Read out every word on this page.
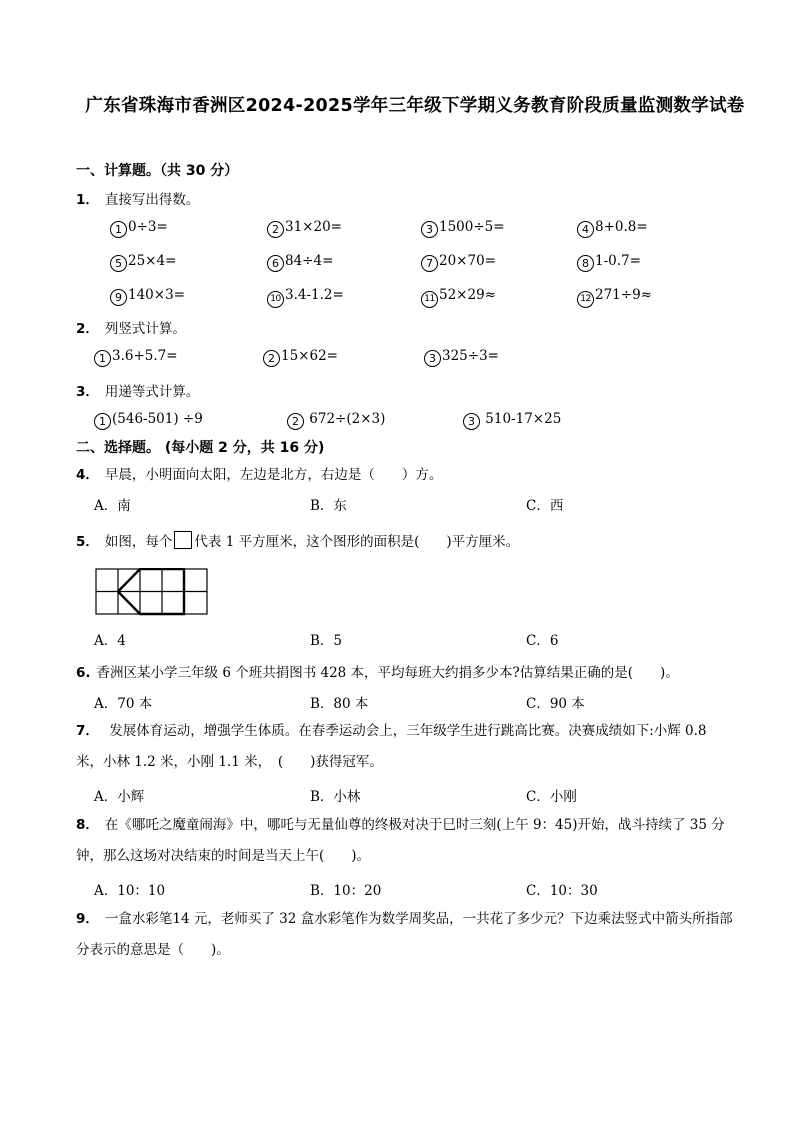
广东省珠海市香洲区2024-2025学年三年级下学期义务教育阶段质量监测数学试卷
一、计算题。（共 30 分）
1． 直接写出得数。
1 0÷3=	2 31×20=	3 1500÷5=	4 8+0.8=
5 25×4=	6 84÷4=	7 20×70=	8 1-0.7=
9 140×3=	10 3.4-1.2=	11 52×29≈	12 271÷9≈
2． 列竖式计算。
1 3.6+5.7=	2 15×62=	3 325÷3=
3． 用递等式计算。
1 (546-501) ÷9	2 672÷(2×3)	3 510-17×25
二、选择题。 (每小题 2 分，共 16 分)
4． 早晨，小明面向太阳，左边是北方，右边是（　　）方。
A．南	B．东	C．西
5． 如图，每个 代表 1 平方厘米，这个图形的面积是(　　)平方厘米。
A．4	B．5	C．6
6. 香洲区某小学三年级 6 个班共捐图书 428 本，平均每班大约捐多少本?估算结果正确的是(　　)。
A．70 本	B．80 本	C．90 本
7． 发展体育运动，增强学生体质。在春季运动会上，三年级学生进行跳高比赛。决赛成绩如下:小辉 0.8 米，小林 1.2 米，小刚 1.1 米，　(　　)获得冠军。
A．小辉	B．小林	C．小刚
8． 在《哪吒之魔童闹海》中，哪吒与无量仙尊的终极对决于巳时三刻(上午 9：45)开始，战斗持续了 35 分钟，那么这场对决结束的时间是当天上午(　　)。
A．10：10	B．10：20	C．10：30
9． 一盒水彩笔14 元，老师买了 32 盒水彩笔作为数学周奖品，一共花了多少元？下边乘法竖式中箭头所指部分表示的意思是（　　)。
